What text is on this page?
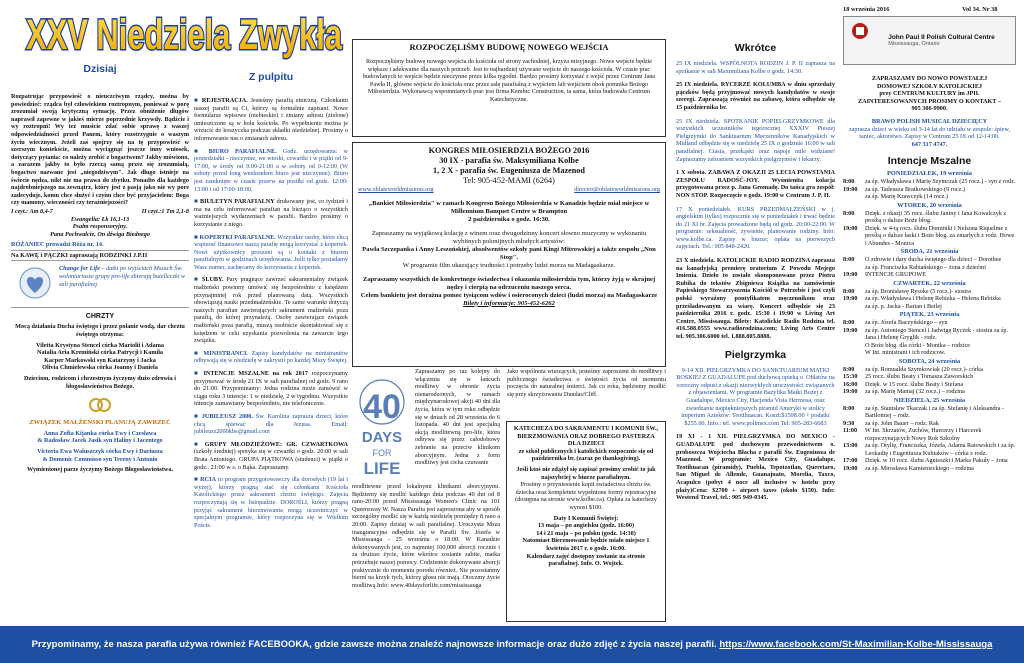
XXV Niedziela Zwykła
18 września 2016	Vol 34. Nr 38
Dzisiaj

Rozpatrując przypowieść o nieuczciwym rządcy, można by powiedzieć: rządca był człowiekiem roztropnym, ponieważ w porę zrozumiał swoją krytyczną sytuację. Przez obniżenie długów naprawił zapewne w jakieś mierze poprzednie krzywdy. Bądźcie i wy roztropni! Wy też musicie zdać sobie sprawę z waszej odpowiedzialności przed Panem, który rozstrzygnie o waszym życiu wiecznym. Jeżeli zaś spojrzy się na tę przypowieść w szerszym kontekście, można wyciągnąć jeszcze inny wniosek, dotyczący pytania: co należy zrobić z bogactwem? Jakby mówiono, a zarazem jakby to było rzeczą samą przez się zrozumiałą, bogactwo nazwane jest „niegodziwym". Jak długo istnieje na świecie nędza, nikt nie ma prawa do zbytku. Ponadto dla każdego najdrobniejszego na zewnątrz, który jest z pasją jako nie wy pore zadecyduje, komu chce służyć i czyim chce być przyjacielem: Boga czy mamony, wieczności czy teraźniejszości?

I czyt.: Am 8,4-7	II czyt.:1 Tm 2,1-8

Ewangelia: Łk 16,1-13

Psalm responsoryjny.

Pana Pochwalcie, On dźwiga Biednego

RÓŻANIEC prowadzi Róża nr. 14.

Na KAWĘ i PĄCZKI zapraszają RODZINKI J.P.II

Change for Life – datki po wyjściach Mszach Św. wolontariusze grupy pro-life zbierają butelleczki w sali parafialnej.

CHRZTY

Mocą działania Ducha świętego i przez polanie wodą, dar chrztu świętego otrzyma:

Viletta Krystyna Stencel córka Mariolii i Adama

Natalia Aria Kremiński córka Patrycji i Kamila

Kacper Markowski syn Katarzyny i Jacka

Olivia Chmielewska córka Joanny i Daniela

Dzieciom, rodzicom i chrzestnym życzymy dużo zdrowia i błogosławieństwa Bożego.

ZWIĄZEK MAŁŻEŃSKI PLANUJĄ ZAWRZEĆ

Anna Zofia Kijanka córka Ewy i Czesława

& Radosław Jacek Jasik syn Haliny i Jacentego

Victoria Ewa Waluszczyk córka Ewy i Dariusza

& Domenic Commisso syn Tereny i Antonio

Wymienionej parze życzymy Bożego Błogosławieństwa.

Z pulpitu

■ REJESTRACJA. Jesteśmy parafią etniczną. Członkami naszej parafii są Ci, którzy są formalnie zapisani. Nowe formularze wpisowe (niebieskie) i zmiany adresu (zielone) umieszczone są w holu kościoła. Po wypełnieniu można je wrzucić do koszyczka podczas składki niedzielnej. Prosimy o informowanie nas o zmianach adresu.

■ BIURO PARAFIALNE. Godz. urzędowania: w poniedziałki - nieczynne, we wtorki, czwartki i w piątki od 9-17:00, w środy od 9:00-21:00 a w soboty od 9-12:00 (W soboty przed long weekendem biuro jest nieczynne). Biuro jest zamknięte w czasie przerw na posiłki od godz. 12:00-13:00 i od 17:00-18:00.

■ BIULETYN PARAFIALNY drukowany jest, co tydzień i ma na celu informować parafian na bieżąco o wszystkich ważniejszych wydarzeniach w parafii. Bardzo prosimy o korzystanie z niego.

■ KOPERTKI PARAFIALNE. Wszystkie osoby, które chcą wspierać finansowo naszą parafię mogą korzystać z kopertek. Nowi użytkownicy proszeni są o kontakt z biurem parafialnym w godzinach urzędowania. Jeśli tylko posiadamy Wasz numer, zachęcamy do korzystania z kopertek.

■ ŚLUBY. Pary pragnące zawrzeć sakramentalny związek małżeński powinny umówić się bezpośrednio z księdzem przynajmniej rok przed planowaną datą. Wszystkich obowiązują nauki przedmałżeńskie. Te same warunki dotyczą naszych parafian zawierających sakrament małżeński poza parafią, do której przynależą. Osoby zawierające związek małżeński poza parafią, muszą osobiście skontaktować się z księdzem w celu uzyskania pozwolenia na zawarcie tego związku.

■ MINISTRANCI. Zapisy kandydatów na ministrantów odbywają się w niedzielę w zakrystii po każdej Mszy Świętej.

■ INTENCJE MSZALNE na rok 2017 rozpoczynamy przyjmować w środę 21 IX w sali parafialnej od godz. 9 rano do 21:00. Przypominamy: Jedna rodzina może zamówić w ciągu roku 3 intencje: 1 w niedzielę, 2 w tygodniu. Wszystkie intencje zamawiamy bezpośrednio, nie telefonicznie.

■ JUBILEUSZ 2000. Św. Karolina zaprasza dzieci, które chcą śpiewać dla Jezusa. Email: jubileusz2000kbe@gmail.com

■ GRUPY MŁODZIEŻOWE: GR. CZWARTKOWA (szkoły średniej) spotyka się w czwartki o godz. 20:00 w sali Brata Antoniego. GRUPA PIĄTKOWA (studenci) w piątki o godz.. 21:00 w s. o Bąka. Zapraszamy.

■ RCIA to program przygotowawczy dla dorosłych (19 lat i wyżej), którzy pragną stać się członkami Kościoła Katolickiego przez sakrament chrztu świętego. Zajęcia rozpoczynają się w listopadzie. DOROŚLI, którzy pragną przyjąć sakrament bierzmowania mogą uczestniczyć w specjalnym programie, który rozpoczyna się w Wielkim Poście.

ROZPOCZĘLIŚMY BUDOWĘ NOWEGO WEJŚCIA

Rozpoczęliśmy budowę nowego wejścia do kościoła od strony zachodniej, krzyża misyjnego. Nowe wejście będzie większe i adekwatne dla naszych potrzeb. Jest to najbardziej używane wejście do naszego kościoła. W czasie prac budowlanych to wejście będzie nieczynne przez kilka tygodni. Bardzo prosimy korzystać z wejść przez Centrum Jana Pawła II, główne wejście do kościoła oraz przez salę parafialną z wyjściem lub wejściem obok pomnika Bożego Miłosierdzia. Wykonawcą wspomnianych prac jest firma Kembic Construction, ta sama, która budowała Centrum Katechetyczne.

KONGRES MIŁOSIERDZIA BOŻEGO 2016

30 IX - parafia św. Maksymiliana Kolbe

1, 2 X - parafia św. Eugeniusza de Mazenod

Tel: 905-452-MAMI (6264)

www.oblateworldmissions.org	director@oblateworldmissions.org

„Bankiet Miłosierdzia" w ramach Kongresu Bożego Miłosierdzia w Kanadzie będzie miał miejsce w Millennium Banquet Centre w Brampton

2 października o godz. 16:30.

Zapraszamy na wyjątkową kolację z winem oraz dwugodzinny koncert słowno muzyczny w wykonaniu wybitnych polonijnych młodych artystów:

Pawła Szczepanka i Anny Leszońskiej, absolwentów szkoły pani Kingi Mitrowskiej a także zespołu „Non Stop".

W programie film ukazujący trudności i potrzeby ludzi morza na Madagaskarze.

Zapraszamy wszystkich do konkretnego świadectwa i okazania miłosierdzia tym, którzy żyją w skrajnej nędzy i cierpią na odrzuceniu naszego serca.

Celem bankietu jest dorażna pomoc tysiącom wdów i osieroconych dzieci (ludzi morza) na Madagaskarze

Bilety i informacje: 905-452-6262

40
DAYS
FOR
LIFE

Zapraszamy po raz kolejny do włączenia się w łańcuch modlitwy w obronie życia nienarodzonych, w ramach międzynarodowej akcji 40 dni dla życia, która w tym roku odbędzie się w dniach od 28 września do 6 listopada. 40 dni jest specjalną akcją modlitewną pro-life, która odbywa się przez całodobowy zebranie na przeciw klinikom aborcyjnym. Jedna z form modlitwy jest cicha czuwanie

modlitewne przed lokalnymi klinikami aborcyjnymi. Będziemy się modlić każdego dnia podczas 40 dni od 8 rano-20:00 przed Mississauga Women's Clinic na 101 Queensway W. Nasza Parafia jest zaproszona aby w sposób szczególny modlić się w każdą niedzielę pomiędzy 8 rano a 20:00. Zapisy dzisiaj w sali parafialnej. Uroczysta Msza inauguracyjna odbędzie się w Parafii Św. Józefa w Mississauga - 25 września o 18:00. W Kanadzie dokonywanych jest, co najmniej 100,000 aborcji rocznie i za druższe życie, które wkrótce zostanie zabite, matka potrzebuje naszej pomocy. Codziennie dokonywane aborcji praktycznie do momentu porodu również. Nie pozostańmy bierni na krzyk tych, którzy głosu nie mają. Otoczmy życie modlitwą.Info: www.40daysforlife.com/mississauga

Jako wspólnota wierzących, jesteśmy zaproszeni do modlitwy i publicznego świadectwa o świętości życia od momentu poczęcia do naturalnej śmierci. Jak co roku, będziemy modlić się przy skrzyżowaniu Dundas/Cliff.

KATECHEZA DO SAKRAMENTU I KOMUNII ŚW., BIERZMOWANIA ORAZ DOBREGO PASTERZA DLA DZIECI

ze szkół publicznych i katolickich rozpocznie się od października br. (zaraz po thanksgiving).

Jeśli ktoś nie zdążył się zapisać prosimy zrobić to jak najszybciej w biurze parafialnym.

Prosimy o przyniesienie kopii świadectwa chrztu św. dziecka oraz kompletnie wypełnione formy rejestracyjne (dostępna na stronie www.kolbe.ca). Opłata za katechezy wynosi $100.

Daty I Komunii Świętej:

13 maja – po angielsku (godz. 16:00)

14 i 21 maja – po polsku (godz. 14:30)

Natomiast Bierzmowanie będzie miało miejsce 1 kwietnia 2017 r. o godz. 16:00.

Kalendarz zajęć dostępny zostanie na stronie parafialnej. Info. O. Wojtek.

Wkrótce

25 IX niedziela. WSPÓLNOTA RODZIN J. P. II zaprasza na spotkanie w sali Maximiliana Kolbe o godz. 14:30.

25 IX niedziela. RYCERZE KOLUMBA w dniu sprzedaży pączków będą przyjmować nowych kandydatów w swoje szeregi. Zapraszają również na zabawę, która odbędzie się 15 października br.

25 IX niedziela. SPOTKANIE POPIELGRZYMKOWE dla wszystkich uczestników tegorocznej XXXIV Pieszej Pielgrzymki do Sanktuarium Męczenników Kanadyjskich w Midland odbędzie się w niedzielę 25 IX o godzinie 16:00 w sali parafialnej. Ciasta, przekąski oraz napoje mile widziane! Zapraszamy zebraniem wszystkich pielgrzymów i lekarzy.

1 X sobota. ZABAWA Z OKAZJI 25 LECIA POWSTANIA ZESPOŁU RADOŚĆ-JOY. Wyśmienita kolacja przygotowana przez p. Jana Gromadę. Do tańca gra zespół: NON STOP. Rozpoczęcie o godz. 19:00 w Centrum J. P. II.

17 X poniedziałek. KURS PRZEDMAŁŻEŃSKI w j. angielskim (tylko) rozpocznie się w poniedziałek i trwać będzie do 21 XI br. Zajęcia prowadzone będą od godz. 20:00-22:00. W programie: seksualność, żywienie, planowanie rodziny. Info: www.kolbe.ca. Zapisy w biurze; opłata na pierwszych zajęciach. Tel.: 905 848-2420.

23 X niedziela. KATOLICKIE RADIO RODZINA zaprasza na kanadyjską premierę oratorium Z Powodu Mojego Imienia. Dzieło to zostało skomponowane przez Piotra Rubika do tekstów Zbigniewa Książka na zamówienie Papieskiego Stowarzyszenia Kościół w Potrzebie i jest czyli polski wyrażony pontyfikatem męczennikom oraz prześladowanym za wiarę. Koncert odbędzie się 23 października 2016 r. godz. 15:30 i 19:00 w Living Art Centre, Mississauga. Bilety: Katolickie Radio Rodzina tel. 416.588.0555 www.radiorodzina.com; Living Arts Centre tel. 905.306.6000 tel. 1.888.805.8888.

Pielgrzymka

9-14 XII. PIELGRZYMKA DO SANKTUARIUM MATKI BOSKIEJ Z GUADALUPE pod duchową opieką o. Oblatów na coroczny odpust z okazji niezwykłych uroczystości związanych z objawieniami. W programie Bazylika Matki Bożej z Guadalupe, Mexico City, Hacjenda Vista Hermosa, oraz zwiedzanie najpiękniejszych piramid Ameryki w stolicy imperium Azteków: Teotihuacan. Koszt:$1598.00 + podatki $255.00. Info.: tel. www.polimex.com Tel: 905-283-6683

19 XI - 1 XII. PIELGRZYMKA DO MEXICO - GUADALUPE pod duchowym przewodnictwem o. proboszcza Wojciecha Błacha z parafii Św. Eugeniusza de Mazenod. W programie: Mexico City, Guadalupe, Teotihuacan (piramidy), Puebla, Tepotzotlan, Queretaro, San Miguel de Allende, Guanajuato, Morelia, Taxco, Acapulco (pobyt 4 noce all inclusive w hotelu przy plaży)Cena: $2700 + airport taxes (około $150). Info: Westend Travel, tel.: 905 949-0345.

John Paul II Polish Cultural Centre
Mississauga, Ontario

ZAPRASZAMY DO NOWO POWSTAŁEJ

DOMOWEJ SZKOŁY KATOLICKIEJ

przy CENTRUM KULTURY im JPII.

ZAINTERESOWANYCH PROSIMY O KONTAKT –

905 306-9900.

BRAWO POLISH MUSICAL DZIECIĘCY

zaprasza dzieci w wieku od 3-14 lat do udziału w zespole: śpiew, taniec, aktorstwo. Zapisy w Centrum 25 IX od 12-14:00.

647 317 4747.

Intencje Mszalne
PONIEDZIAŁEK, 19 września
8:00	za śp. Władysława i Marię Szymczak (25 rocz.) - syn z rodz.
19:00	za śp. Tadeusza Bratkowskiego (9 rocz.)
za śp. Marię Krawczyk (14 rocz.)
WTOREK, 20 września
8:00	Dzięk. z okazji 35 rocz. ślubu Janiny i Jana Kowalczyk z prośbą o dalsze Boże błog.
19:00	Dzięk. w 4-tą rocz. ślubu Dominiki i Nelsona Riquelme z prośbą o dalsze łaski i Boże błog. za zmarłych z rodz. Howe i Abundes - Monica
ŚRODA, 21 września
8:00	O zdrowie i dary ducha świętego dla dzieci – Dorothee
za śp. Franciszka Rabiańskiego – żona z dziećmi
19:00	INTENCJE GRUPOWE
CZWARTEK, 22 września
8:00	za śp. Bronisławę Rysoke (5 rocz.)- siostra
19:00	za śp. Władysława i Helenę Rebizka – Helena Rebizka
za śp. p. Jacka - Barian i Betlej
PIĄTEK, 23 września
8:00	za śp. Józefa Baczyńskiego – syn
19:00	za śp. Antoniego Stencel i Jadwigę Ryczek - siostra za śp. Jana i Helenę Gryglik - rodz.
O Boże błog. dla córki - Monika – rodzice
W Int. ministrant i ich rodzicow.
SOBOTA, 24 września
8:00	za śp. Romualda Szymkowiak (20 rocz.)- córka
15:30	25 rocz. ślubu Beaty i Tomasza Zaworskich
16:00	Dzięk. w 15 rocz. ślubu Beaty i Stefana
19:00	za śp. Marię Mamaj (32 rocz.) – rodzina
NIEDZIELA, 25 września
8:00	za śp. Stanisław Tkaczak i za śp. Stefanię i Aleksandra - Bartłomiej – rodz.
9:30	za śp. John Bauer – rodz. Rak
11:00	W Int. Skrzatów, Zuchów, Harcerzy i Harcerek rozpoczynających Nowy Rok Szkolny
13:00	za śp. Otylię, Franciszka, Józefa, Adama Ratowskich i za śp. Leokadię i Eugeniusza Kubiaków – córka z rodz.
17:00	Dzięk. w 10 rocz. ślubu Agnieszki i Marka Pakuły – żona
19:00	za śp. Mirosława Kamienieckiego – rodzina
Przypominamy, że nasza parafia używa również FACEBOOKA, gdzie zawsze można znaleźć najnowsze informacje oraz dużo zdjęć z życia naszej parafii. https://www.facebook.com/St-Maximilian-Kolbe-Mississauga
